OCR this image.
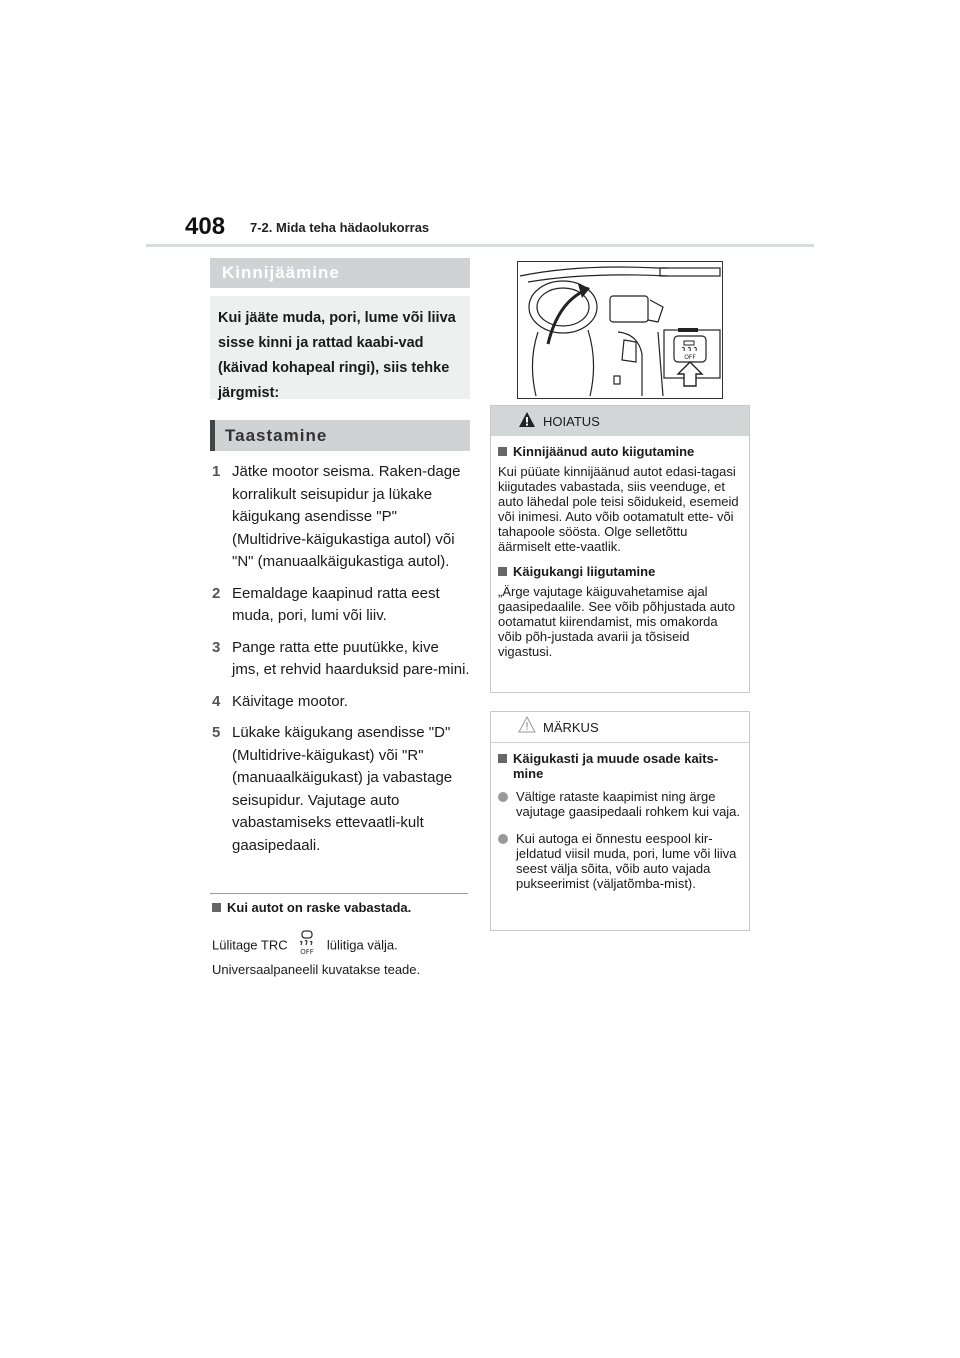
408 7-2. Mida teha hädaolukorras
Kinnijäämine
Kui jääte muda, pori, lume või liiva sisse kinni ja rattad kaabi-vad (käivad kohapeal ringi), siis tehke järgmist:
Taastamine
1 Jätke mootor seisma. Raken-dage korralikult seisupidur ja lükake käigukang asendisse "P" (Multidrive-käigukastiga autol) või "N" (manuaalkäigukastiga autol).
2 Eemaldage kaapinud ratta eest muda, pori, lumi või liiv.
3 Pange ratta ette puutükke, kive jms, et rehvid haarduksid pare-mini.
4 Käivitage mootor.
5 Lükake käigukang asendisse "D" (Multidrive-käigukast) või "R" (manuaalkäigukast) ja vabastage seisupidur. Vajutage auto vabastamiseks ettevaatli-kult gaasipedaali.
Kui autot on raske vabastada.
Lülitage TRC OFF lülitiga välja.
Universaalpaneelil kuvatakse teade.
OFF
HOIATUS
Kinnijäänud auto kiigutamine
Kui püüate kinnijäänud autot edasi-tagasi kiigutades vabastada, siis veenduge, et auto lähedal pole teisi sõidukeid, esemeid või inimesi. Auto võib ootamatult ette- või tahapoole söösta. Olge selletõttu äärmiselt ette-vaatlik.
Käigukangi liigutamine
„Ärge vajutage käiguvahetamise ajal gaasipedaalile. See võib põhjustada auto ootamatut kiirendamist, mis omakorda võib põh-justada avarii ja tõsiseid vigastusi.
MÄRKUS
Käigukasti ja muude osade kaits-mine
Vältige rataste kaapimist ning ärge vajutage gaasipedaali rohkem kui vaja.
Kui autoga ei õnnestu eespool kir-jeldatud viisil muda, pori, lume või liiva seest välja sõita, võib auto vajada pukseerimist (väljatõmba-mist).
